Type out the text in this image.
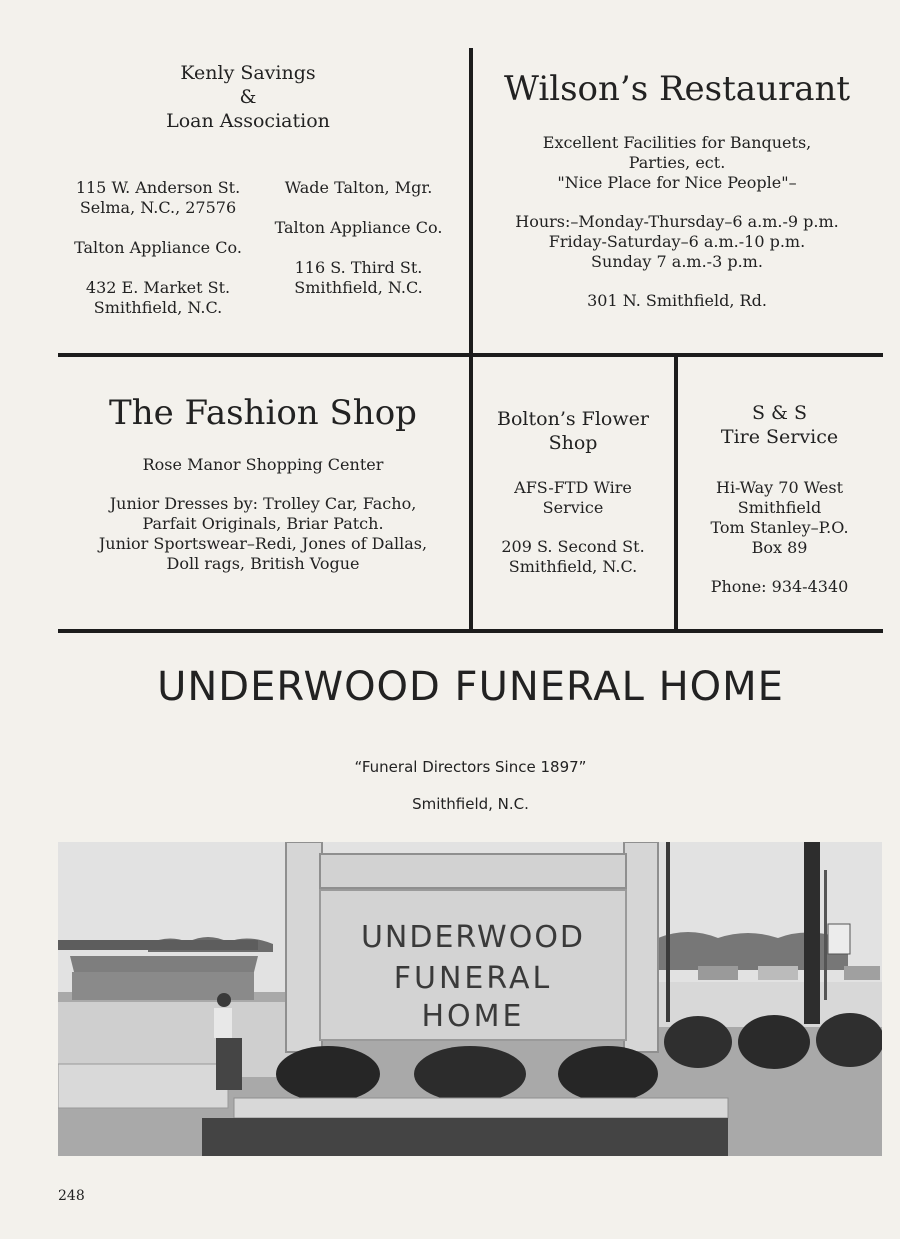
Kenly Savings

&

Loan Association

115 W. Anderson St.
Selma, N.C., 27576
Talton Appliance Co.
432 E. Market St.
Smithfield, N.C.
Wade Talton, Mgr.
Talton Appliance Co.
116 S. Third St.
Smithfield, N.C.

Wilson’s Restaurant

Excellent Facilities for Banquets,

Parties, ect.

"Nice Place for Nice People"–

Hours:–Monday-Thursday–6 a.m.-9 p.m.

Friday-Saturday–6 a.m.-10 p.m.

Sunday 7 a.m.-3 p.m.

301 N. Smithfield, Rd.

The Fashion Shop

Rose Manor Shopping Center

Junior Dresses by: Trolley Car, Facho,

Parfait Originals, Briar Patch.

Junior Sportswear–Redi, Jones of Dallas,

Doll rags, British Vogue

Bolton’s Flower

Shop

AFS-FTD Wire

Service

209 S. Second St.

Smithfield, N.C.

S & S

Tire Service

Hi-Way 70 West

Smithfield

Tom Stanley–P.O.

Box 89

Phone: 934-4340

UNDERWOOD FUNERAL HOME

“Funeral Directors Since 1897”

Smithfield, N.C.

UNDERWOOD
FUNERAL
HOME
248
